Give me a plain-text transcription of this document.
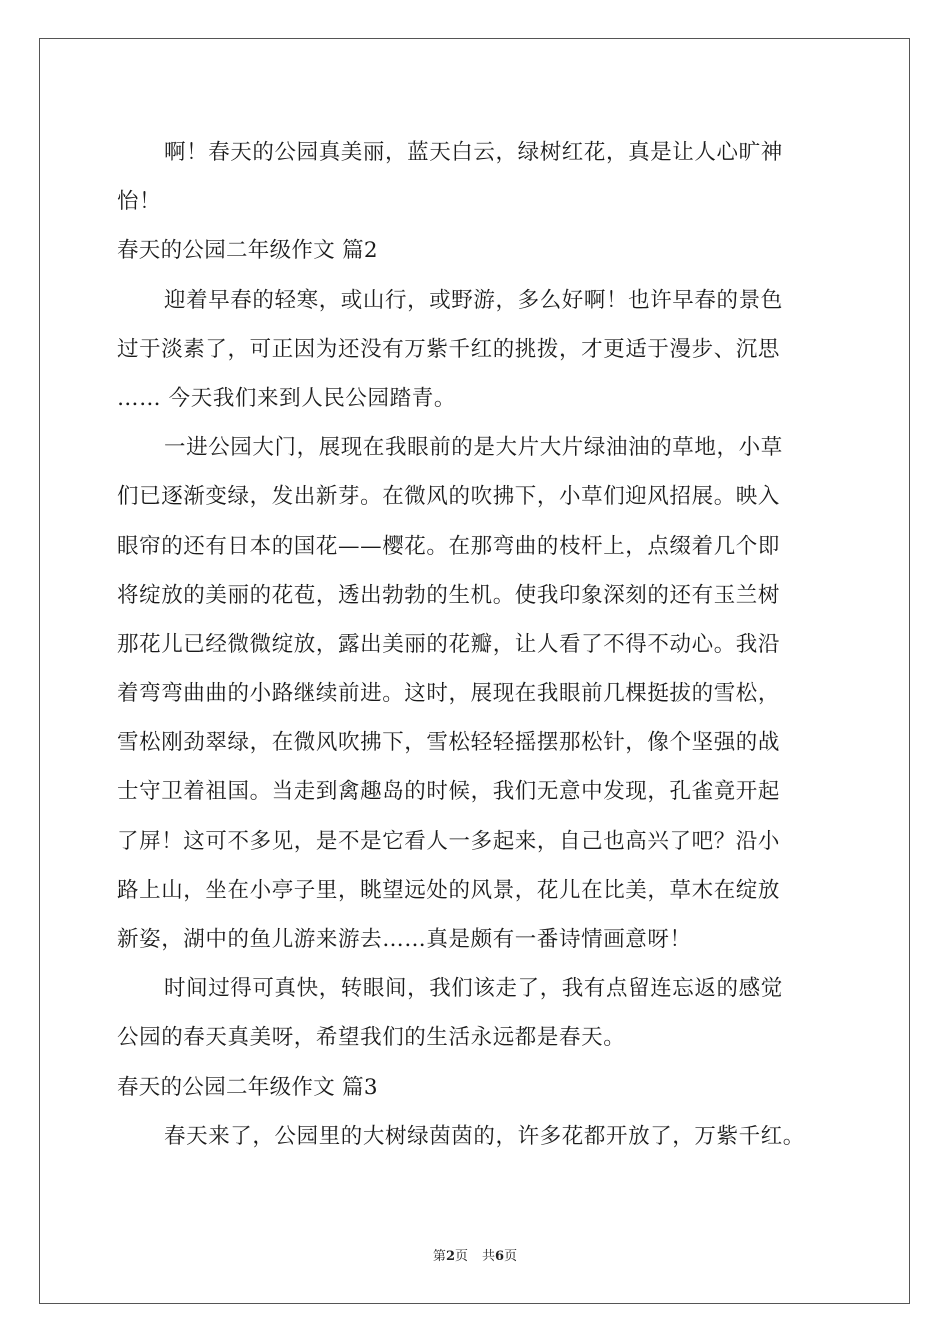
啊！春天的公园真美丽，蓝天白云，绿树红花，真是让人心旷神
怡！
春天的公园二年级作文 篇2
迎着早春的轻寒，或山行，或野游，多么好啊！也许早春的景色
过于淡素了，可正因为还没有万紫千红的挑拨，才更适于漫步、沉思
…… 今天我们来到人民公园踏青。
一进公园大门，展现在我眼前的是大片大片绿油油的草地，小草
们已逐渐变绿，发出新芽。在微风的吹拂下，小草们迎风招展。映入
眼帘的还有日本的国花——樱花。在那弯曲的枝杆上，点缀着几个即
将绽放的美丽的花苞，透出勃勃的生机。使我印象深刻的还有玉兰树
那花儿已经微微绽放，露出美丽的花瓣，让人看了不得不动心。我沿
着弯弯曲曲的小路继续前进。这时，展现在我眼前几棵挺拔的雪松，
雪松刚劲翠绿，在微风吹拂下，雪松轻轻摇摆那松针，像个坚强的战
士守卫着祖国。当走到禽趣岛的时候，我们无意中发现，孔雀竟开起
了屏！这可不多见，是不是它看人一多起来，自己也高兴了吧？沿小
路上山，坐在小亭子里，眺望远处的风景，花儿在比美，草木在绽放
新姿，湖中的鱼儿游来游去……真是颇有一番诗情画意呀！
时间过得可真快，转眼间，我们该走了，我有点留连忘返的感觉
公园的春天真美呀，希望我们的生活永远都是春天。
春天的公园二年级作文 篇3
春天来了，公园里的大树绿茵茵的，许多花都开放了，万紫千红。
第2页 共6页
